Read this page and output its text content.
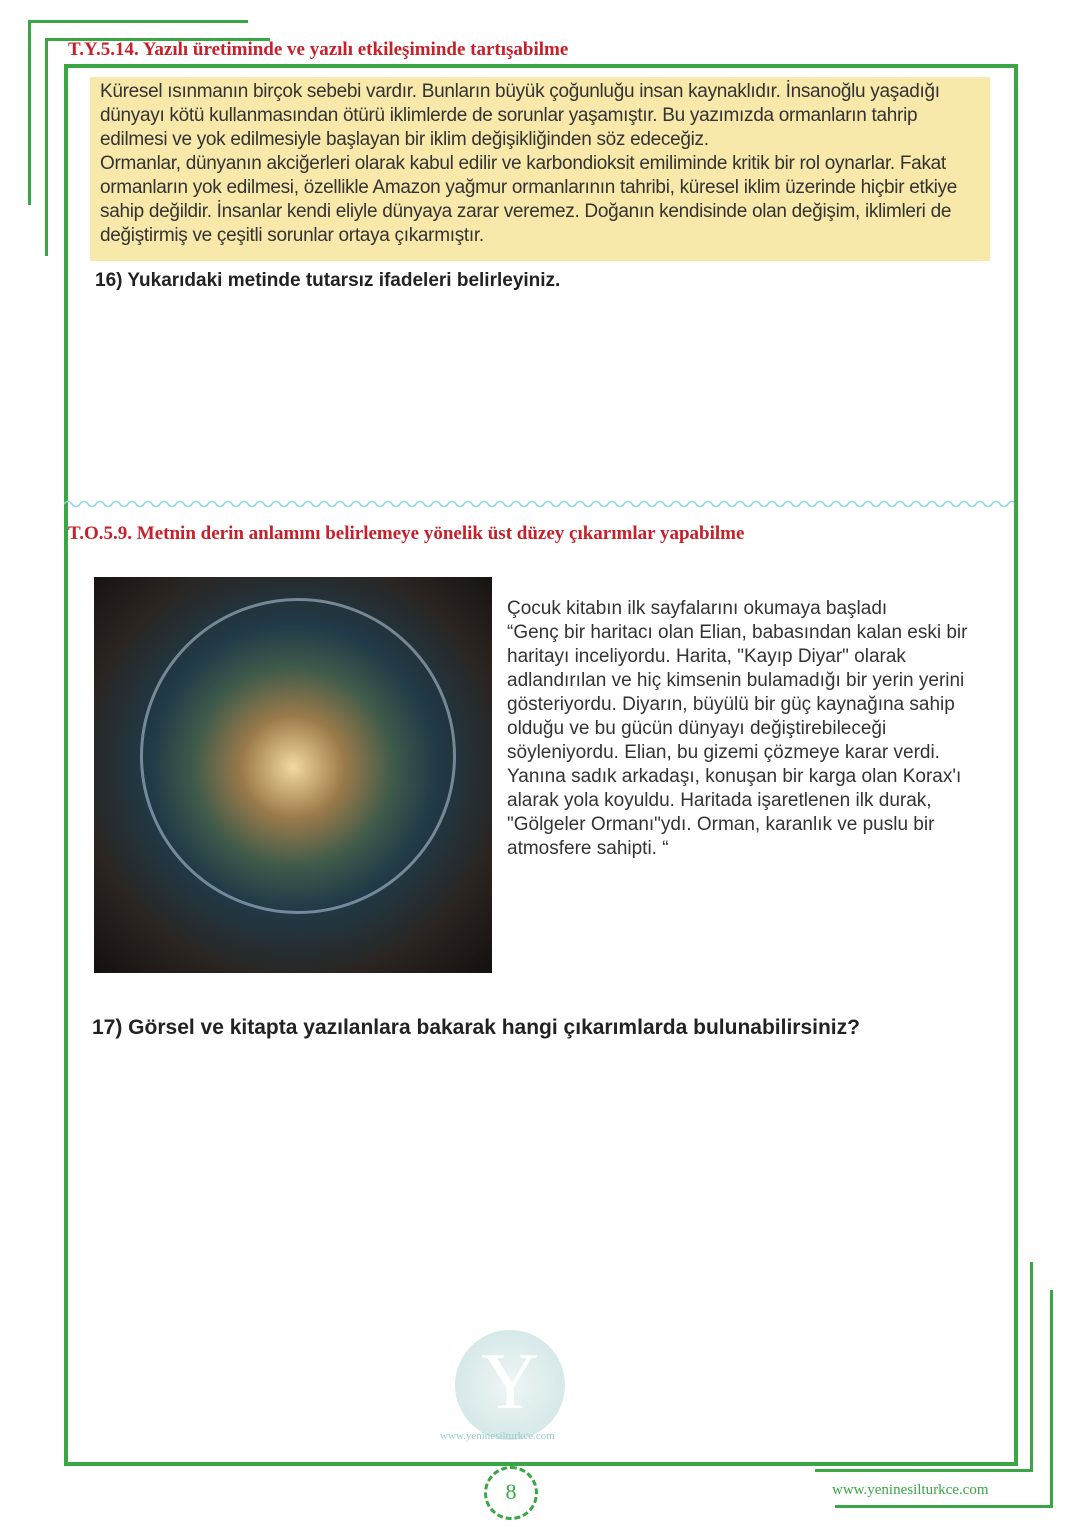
T.Y.5.14. Yazılı üretiminde ve yazılı etkileşiminde tartışabilme
Küresel ısınmanın birçok sebebi vardır. Bunların büyük çoğunluğu insan kaynaklıdır. İnsanoğlu yaşadığı dünyayı kötü kullanmasından ötürü iklimlerde de sorunlar yaşamıştır. Bu yazımızda ormanların tahrip edilmesi ve yok edilmesiyle başlayan bir iklim değişikliğinden söz edeceğiz.
Ormanlar, dünyanın akciğerleri olarak kabul edilir ve karbondioksit emiliminde kritik bir rol oynarlar. Fakat ormanların yok edilmesi, özellikle Amazon yağmur ormanlarının tahribi, küresel iklim üzerinde hiçbir etkiye sahip değildir. İnsanlar kendi eliyle dünyaya zarar veremez. Doğanın kendisinde olan değişim, iklimleri de değiştirmiş ve çeşitli sorunlar ortaya çıkarmıştır.
16) Yukarıdaki metinde tutarsız ifadeleri belirleyiniz.
T.O.5.9. Metnin derin anlamını belirlemeye yönelik üst düzey çıkarımlar yapabilme
Çocuk kitabın ilk sayfalarını okumaya başladı
“Genç bir haritacı olan Elian, babasından kalan eski bir haritayı inceliyordu. Harita, "Kayıp Diyar" olarak adlandırılan ve hiç kimsenin bulamadığı bir yerin yerini gösteriyordu. Diyarın, büyülü bir güç kaynağına sahip olduğu ve bu gücün dünyayı değiştirebileceği söyleniyordu. Elian, bu gizemi çözmeye karar verdi.
Yanına sadık arkadaşı, konuşan bir karga olan Korax'ı alarak yola koyuldu. Haritada işaretlenen ilk durak, "Gölgeler Ormanı"ydı. Orman, karanlık ve puslu bir atmosfere sahipti. “
17) Görsel ve kitapta yazılanlara bakarak hangi çıkarımlarda bulunabilirsiniz?
Y
www.yeninesilturkce.com
8	www.yeninesilturkce.com
